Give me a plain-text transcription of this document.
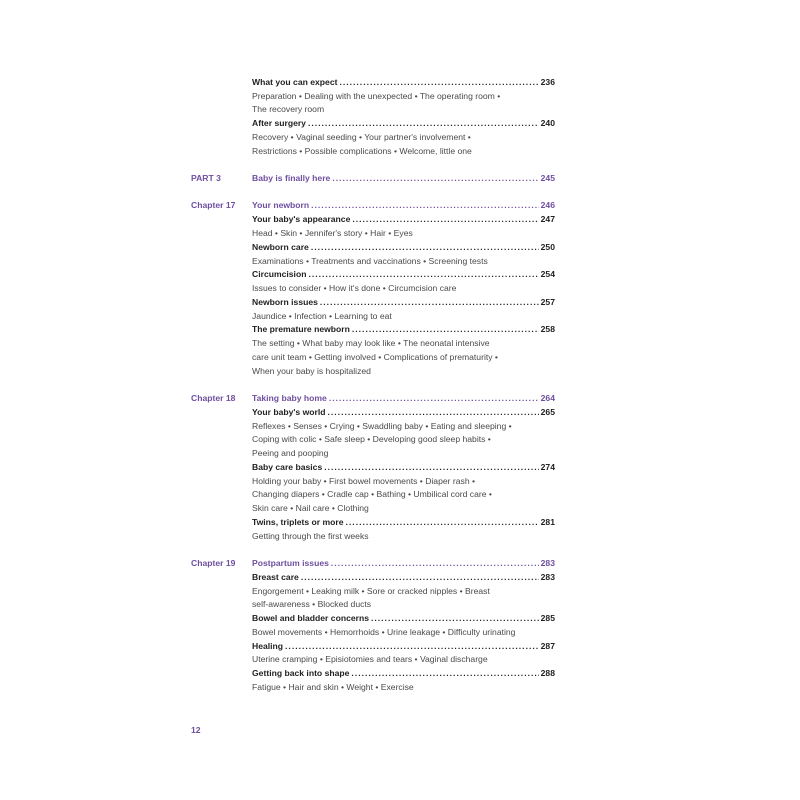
What you can expect .....	236
Preparation • Dealing with the unexpected • The operating room •
The recovery room
After surgery .....	240
Recovery • Vaginal seeding • Your partner's involvement •
Restrictions • Possible complications • Welcome, little one
PART 3	Baby is finally here .....	245
Chapter 17 Your newborn .....	246
Your baby's appearance .....	247
Head • Skin • Jennifer's story • Hair • Eyes
Newborn care .....	250
Examinations • Treatments and vaccinations • Screening tests
Circumcision .....	254
Issues to consider • How it's done • Circumcision care
Newborn issues .....	257
Jaundice • Infection • Learning to eat
The premature newborn .....	258
The setting • What baby may look like • The neonatal intensive
care unit team • Getting involved • Complications of prematurity •
When your baby is hospitalized
Chapter 18 Taking baby home .....	264
Your baby's world .....	265
Reflexes • Senses • Crying • Swaddling baby • Eating and sleeping •
Coping with colic • Safe sleep • Developing good sleep habits •
Peeing and pooping
Baby care basics .....	274
Holding your baby • First bowel movements • Diaper rash •
Changing diapers • Cradle cap • Bathing • Umbilical cord care •
Skin care • Nail care • Clothing
Twins, triplets or more .....	281
Getting through the first weeks
Chapter 19 Postpartum issues .....	283
Breast care .....	283
Engorgement • Leaking milk • Sore or cracked nipples • Breast
self-awareness • Blocked ducts
Bowel and bladder concerns .....	285
Bowel movements • Hemorrhoids • Urine leakage • Difficulty urinating
Healing .....	287
Uterine cramping • Episiotomies and tears • Vaginal discharge
Getting back into shape .....	288
Fatigue • Hair and skin • Weight • Exercise
12
